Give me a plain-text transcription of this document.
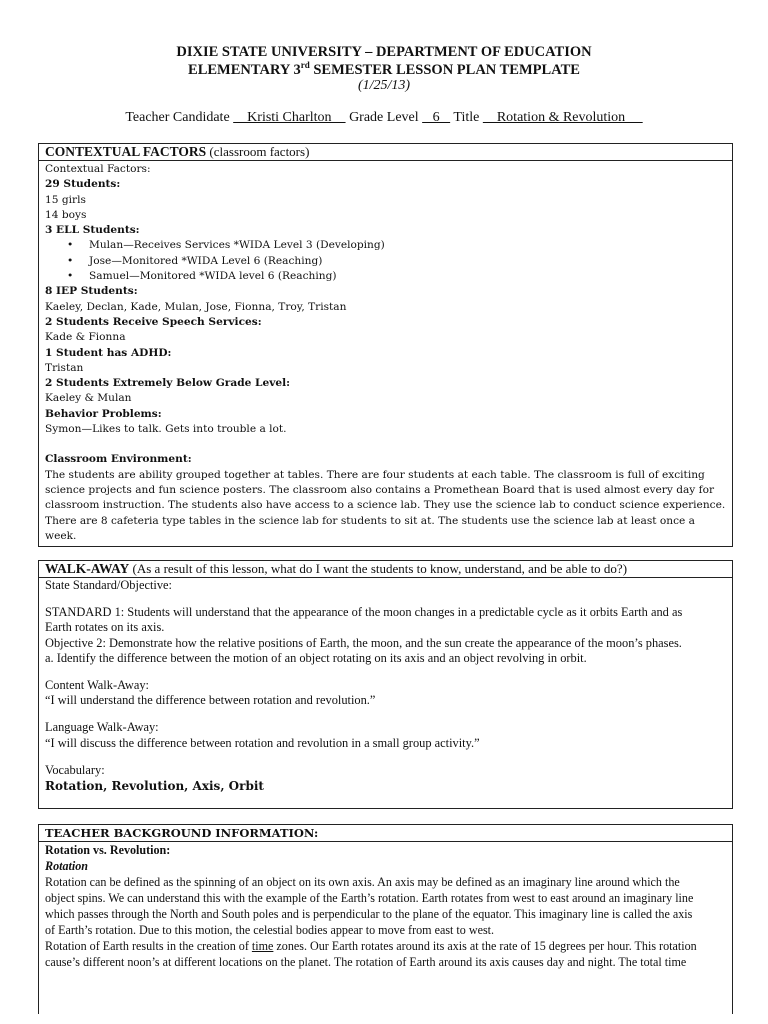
DIXIE STATE UNIVERSITY – DEPARTMENT OF EDUCATION
ELEMENTARY 3rd SEMESTER LESSON PLAN TEMPLATE
(1/25/13)
Teacher Candidate     Kristi Charlton     Grade Level    6    Title     Rotation & Revolution
CONTEXTUAL FACTORS (classroom factors)
Contextual Factors:
29 Students:
15 girls
14 boys
3 ELL Students:
• Mulan—Receives Services *WIDA Level 3 (Developing)
• Jose—Monitored *WIDA Level 6 (Reaching)
• Samuel—Monitored *WIDA level 6 (Reaching)
8 IEP Students:
Kaeley, Declan, Kade, Mulan, Jose, Fionna, Troy, Tristan
2 Students Receive Speech Services:
Kade & Fionna
1 Student has ADHD:
Tristan
2 Students Extremely Below Grade Level:
Kaeley & Mulan
Behavior Problems:
Symon—Likes to talk. Gets into trouble a lot.
Classroom Environment:
The students are ability grouped together at tables. There are four students at each table. The classroom is full of exciting
science projects and fun science posters. The classroom also contains a Promethean Board that is used almost every day for
classroom instruction. The students also have access to a science lab. They use the science lab to conduct science experience.
There are 8 cafeteria type tables in the science lab for students to sit at. The students use the science lab at least once a week.
WALK-AWAY (As a result of this lesson, what do I want the students to know, understand, and be able to do?)
State Standard/Objective:
STANDARD 1: Students will understand that the appearance of the moon changes in a predictable cycle as it orbits Earth and as
Earth rotates on its axis.
Objective 2: Demonstrate how the relative positions of Earth, the moon, and the sun create the appearance of the moon’s phases.
a. Identify the difference between the motion of an object rotating on its axis and an object revolving in orbit.
Content Walk-Away:
“I will understand the difference between rotation and revolution.”
Language Walk-Away:
“I will discuss the difference between rotation and revolution in a small group activity.”
Vocabulary:
Rotation, Revolution, Axis, Orbit
TEACHER BACKGROUND INFORMATION:
Rotation vs. Revolution:
Rotation
Rotation can be defined as the spinning of an object on its own axis. An axis may be defined as an imaginary line around which the
object spins. We can understand this with the example of the Earth’s rotation. Earth rotates from west to east around an imaginary line
which passes through the North and South poles and is perpendicular to the plane of the equator. This imaginary line is called the axis
of Earth’s rotation. Due to this motion, the celestial bodies appear to move from east to west.
Rotation of Earth results in the creation of time zones. Our Earth rotates around its axis at the rate of 15 degrees per hour. This rotation
cause’s different noon’s at different locations on the planet. The rotation of Earth around its axis causes day and night. The total time
